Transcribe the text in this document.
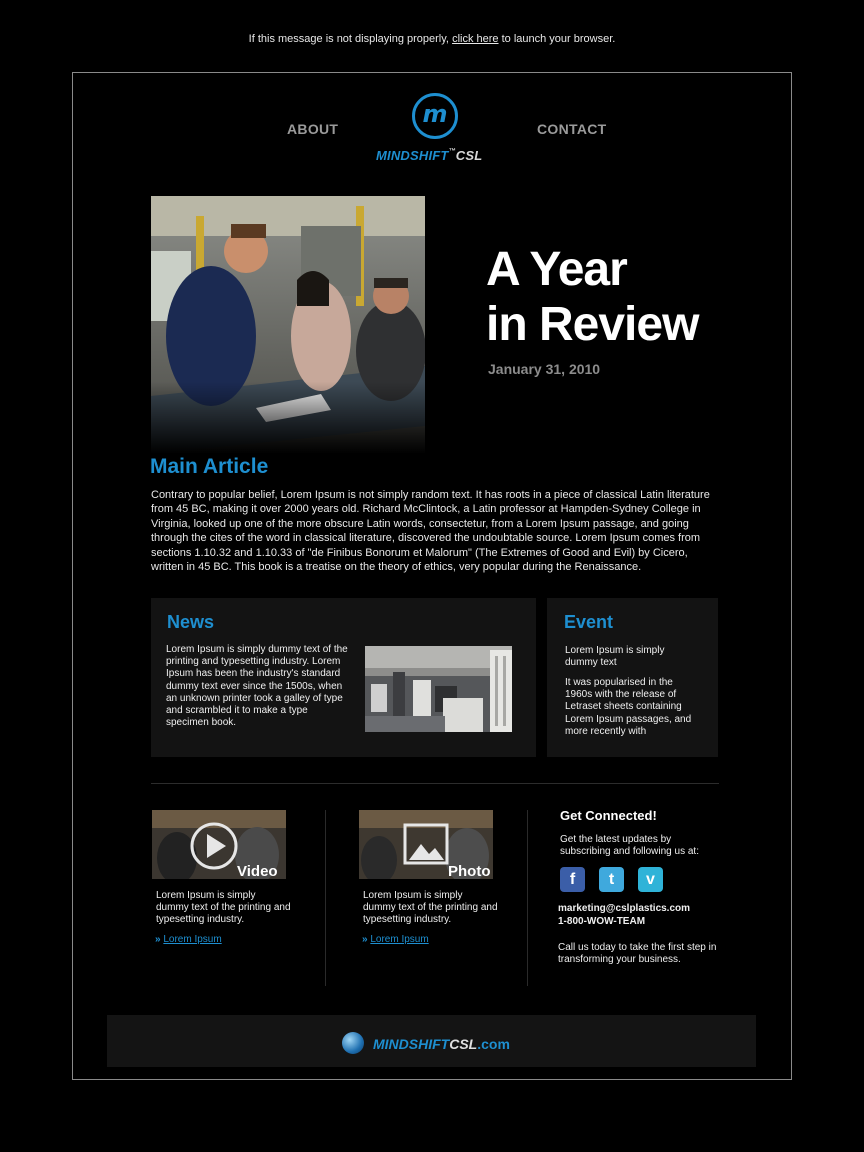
If this message is not displaying properly, click here to launch your browser.
ABOUT	CONTACT
m
MINDSHIFT™CSL
A Year
in Review
January 31, 2010
Main Article
Contrary to popular belief, Lorem Ipsum is not simply random text. It has roots in a piece of classical Latin literature from 45 BC, making it over 2000 years old. Richard McClintock, a Latin professor at Hampden-Sydney College in Virginia, looked up one of the more obscure Latin words, consectetur, from a Lorem Ipsum passage, and going through the cites of the word in classical literature, discovered the undoubtable source. Lorem Ipsum comes from sections 1.10.32 and 1.10.33 of "de Finibus Bonorum et Malorum" (The Extremes of Good and Evil) by Cicero, written in 45 BC. This book is a treatise on the theory of ethics, very popular during the Renaissance.
News
Lorem Ipsum is simply dummy text of the printing and typesetting industry. Lorem Ipsum has been the industry's standard dummy text ever since the 1500s, when an unknown printer took a galley of type and scrambled it to make a type specimen book.
Event
Lorem Ipsum is simply dummy text
It was popularised in the 1960s with the release of Letraset sheets containing Lorem Ipsum passages, and more recently with
Video
Lorem Ipsum is simply dummy text of the printing and typesetting industry.
» Lorem Ipsum
Photo
Lorem Ipsum is simply dummy text of the printing and typesetting industry.
» Lorem Ipsum
Get Connected!
Get the latest updates by subscribing and following us at:
f	t	v
marketing@cslplastics.com
1-800-WOW-TEAM
Call us today to take the first step in transforming your business.
MINDSHIFTCSL.com
